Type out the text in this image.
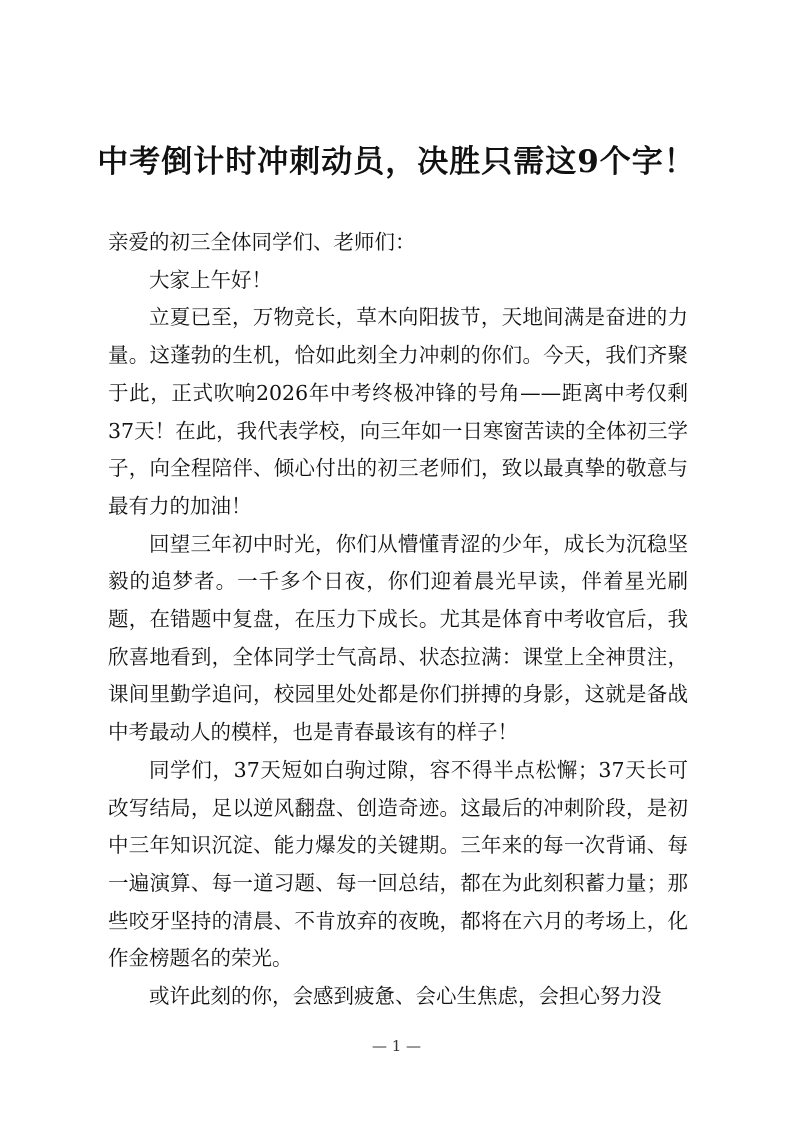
中考倒计时冲刺动员，决胜只需这9个字！

亲爱的初三全体同学们、老师们：

大家上午好！

立夏已至，万物竞长，草木向阳拔节，天地间满是奋进的力量。这蓬勃的生机，恰如此刻全力冲刺的你们。今天，我们齐聚于此，正式吹响2026年中考终极冲锋的号角——距离中考仅剩37天！在此，我代表学校，向三年如一日寒窗苦读的全体初三学子，向全程陪伴、倾心付出的初三老师们，致以最真挚的敬意与最有力的加油！

回望三年初中时光，你们从懵懂青涩的少年，成长为沉稳坚毅的追梦者。一千多个日夜，你们迎着晨光早读，伴着星光刷题，在错题中复盘，在压力下成长。尤其是体育中考收官后，我欣喜地看到，全体同学士气高昂、状态拉满：课堂上全神贯注，课间里勤学追问，校园里处处都是你们拼搏的身影，这就是备战中考最动人的模样，也是青春最该有的样子！

同学们，37天短如白驹过隙，容不得半点松懈；37天长可改写结局，足以逆风翻盘、创造奇迹。这最后的冲刺阶段，是初中三年知识沉淀、能力爆发的关键期。三年来的每一次背诵、每一遍演算、每一道习题、每一回总结，都在为此刻积蓄力量；那些咬牙坚持的清晨、不肯放弃的夜晚，都将在六月的考场上，化作金榜题名的荣光。

或许此刻的你，会感到疲惫、会心生焦虑，会担心努力没

— 1 —
